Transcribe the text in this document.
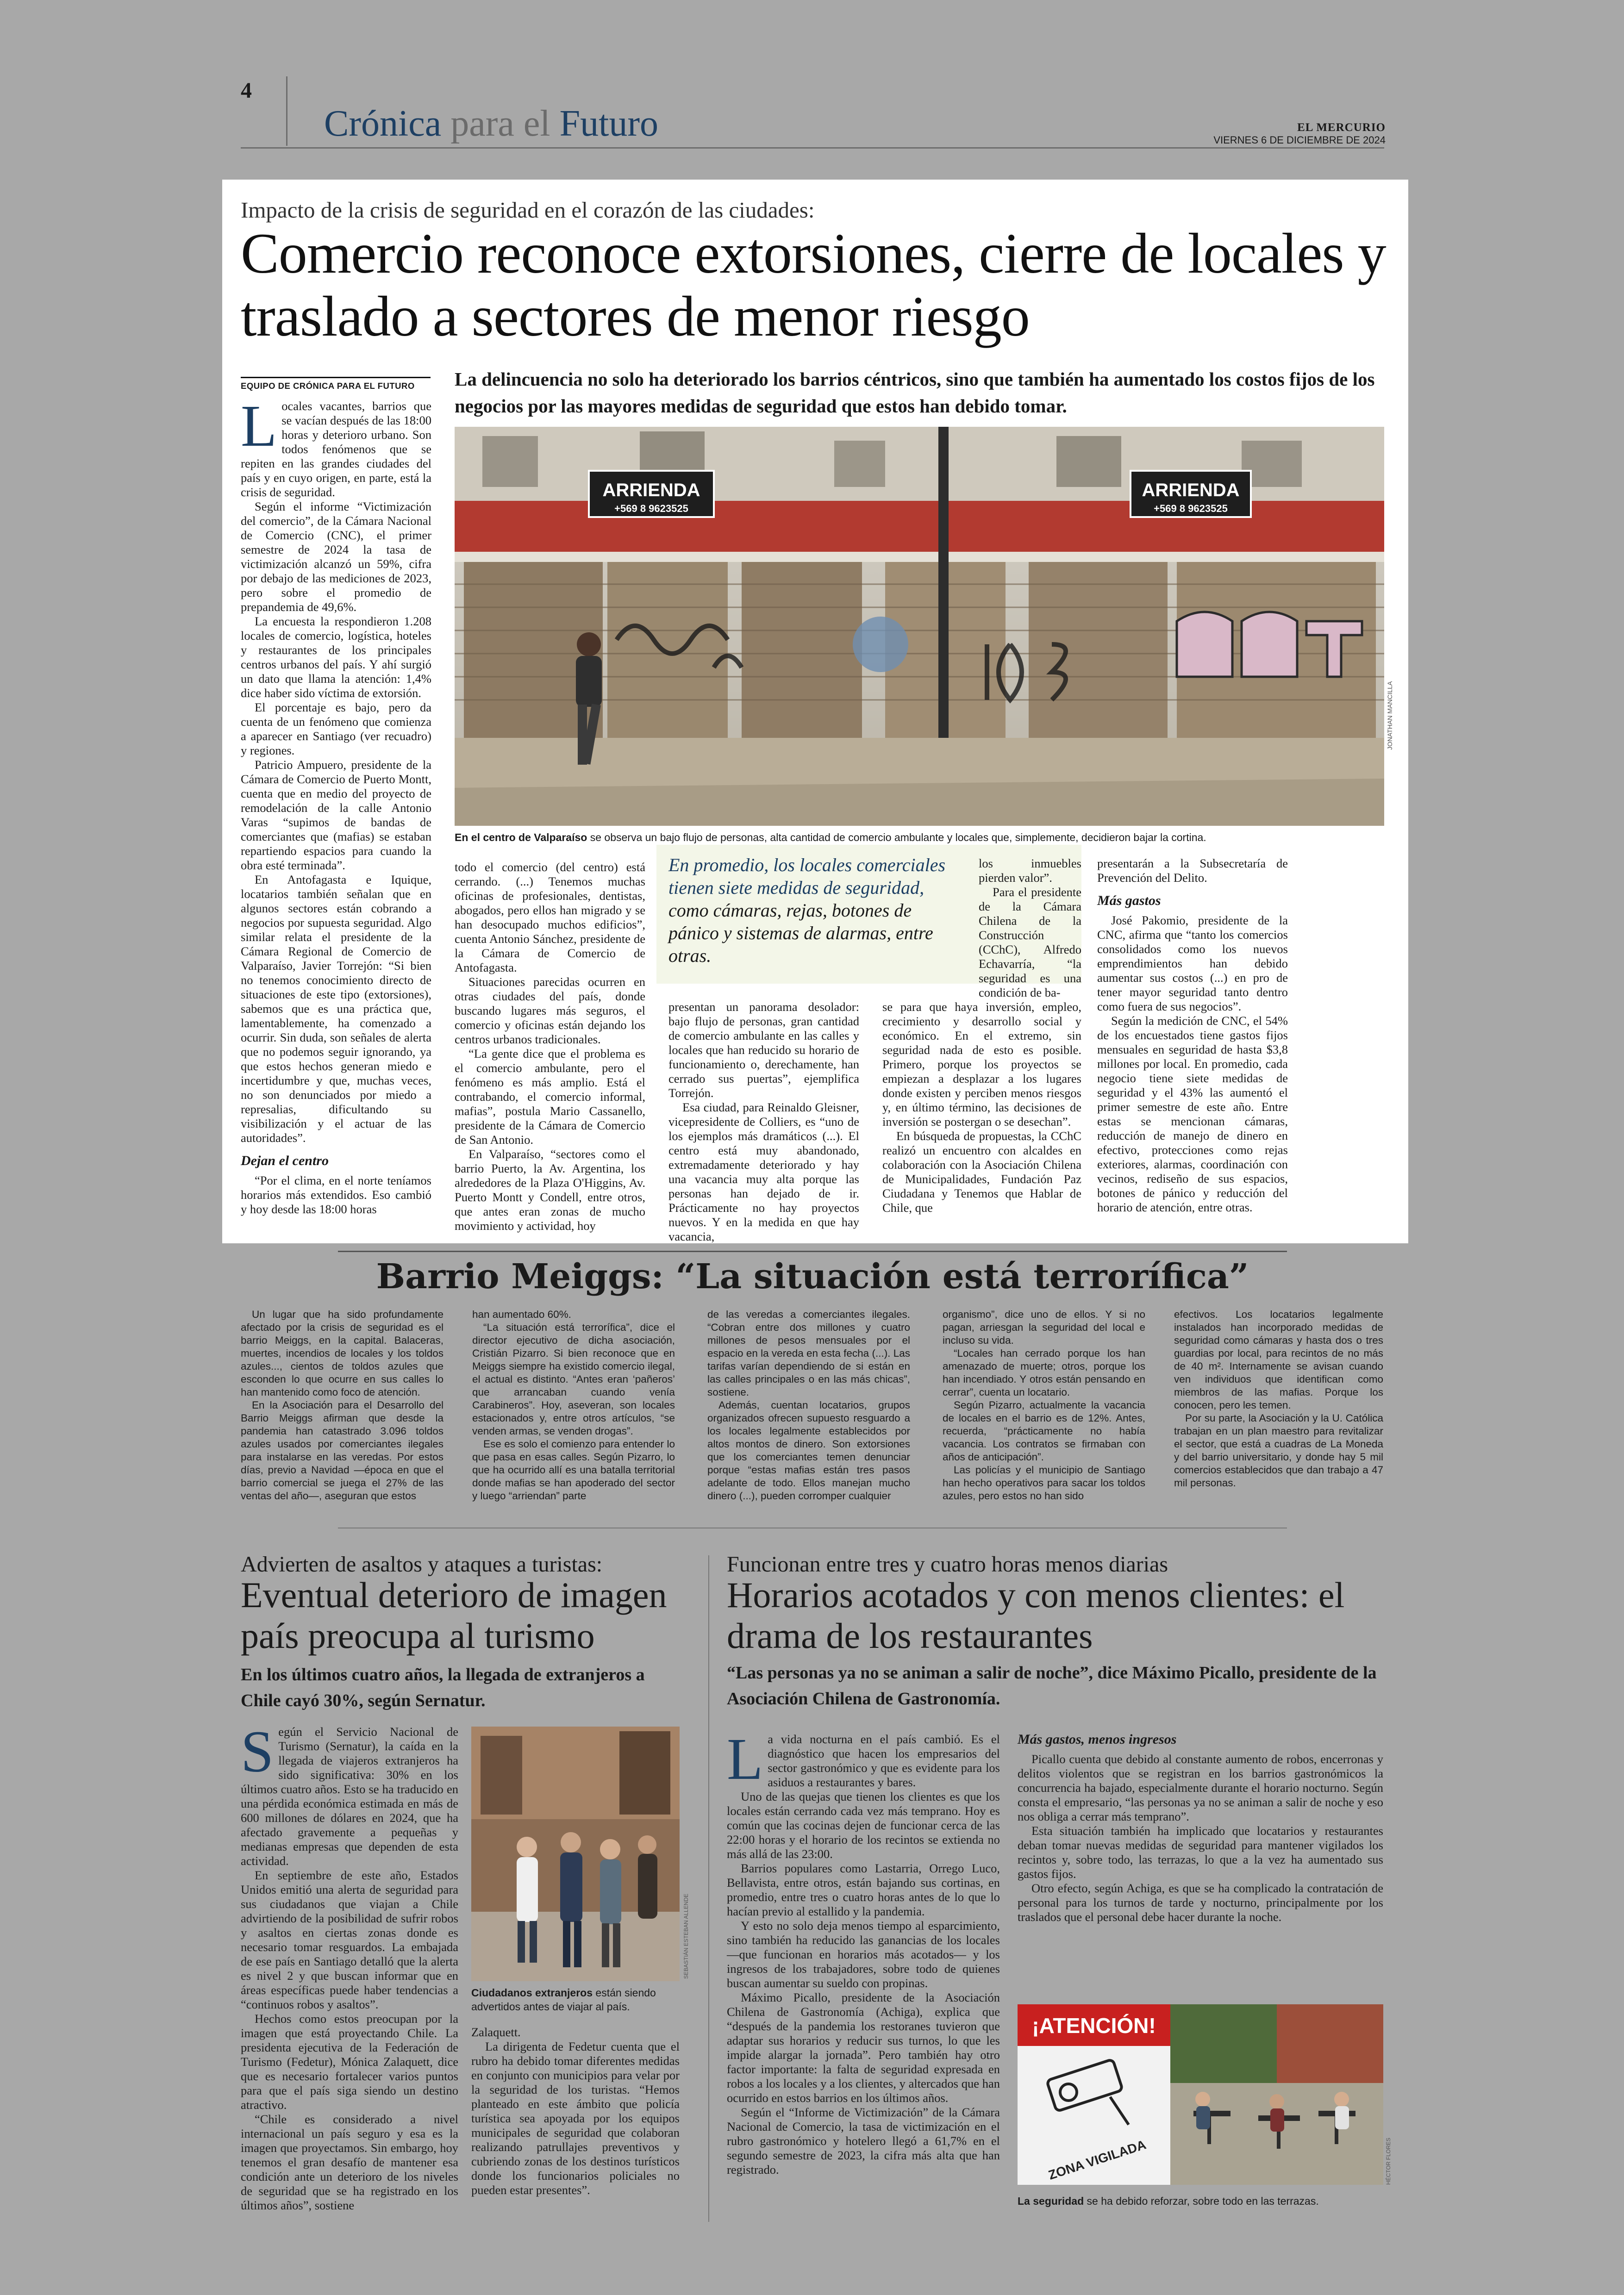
4
Crónica para el Futuro	EL MERCURIO
VIERNES 6 DE DICIEMBRE DE 2024
Impacto de la crisis de seguridad en el corazón de las ciudades:
Comercio reconoce extorsiones, cierre de locales y traslado a sectores de menor riesgo
EQUIPO DE CRÓNICA PARA EL FUTURO	La delincuencia no solo ha deteriorado los barrios céntricos, sino que también ha aumentado los costos fijos de los negocios por las mayores medidas de seguridad que estos han debido tomar.

Locales vacantes, barrios que se vacían después de las 18:00 horas y deterioro urbano. Son todos fenómenos que se repiten en las grandes ciudades del país y en cuyo origen, en parte, está la crisis de seguridad.

Según el informe “Victimización del comercio”, de la Cámara Nacional de Comercio (CNC), el primer semestre de 2024 la tasa de victimización alcanzó un 59%, cifra por debajo de las mediciones de 2023, pero sobre el promedio de prepandemia de 49,6%.

La encuesta la respondieron 1.208 locales de comercio, logística, hoteles y restaurantes de los principales centros urbanos del país. Y ahí surgió un dato que llama la atención: 1,4% dice haber sido víctima de extorsión.

El porcentaje es bajo, pero da cuenta de un fenómeno que comienza a aparecer en Santiago (ver recuadro) y regiones.

Patricio Ampuero, presidente de la Cámara de Comercio de Puerto Montt, cuenta que en medio del proyecto de remodelación de la calle Antonio Varas “supimos de bandas de comerciantes que (mafias) se estaban repartiendo espacios para cuando la obra esté terminada”.

En Antofagasta e Iquique, locatarios también señalan que en algunos sectores están cobrando a negocios por supuesta seguridad. Algo similar relata el presidente de la Cámara Regional de Comercio de Valparaíso, Javier Torrejón: “Si bien no tenemos conocimiento directo de situaciones de este tipo (extorsiones), sabemos que es una práctica que, lamentablemente, ha comenzado a ocurrir. Sin duda, son señales de alerta que no podemos seguir ignorando, ya que estos hechos generan miedo e incertidumbre y que, muchas veces, no son denunciados por miedo a represalias, dificultando su visibilización y el actuar de las autoridades”.

Dejan el centro

“Por el clima, en el norte teníamos horarios más extendidos. Eso cambió y hoy desde las 18:00 horas

ARRIENDA
+569 8 9623525
ARRIENDA
+569 8 9623525
JONATHAN MANCILLA
En el centro de Valparaíso se observa un bajo flujo de personas, alta cantidad de comercio ambulante y locales que, simplemente, decidieron bajar la cortina.

todo el comercio (del centro) está cerrando. (...) Tenemos muchas oficinas de profesionales, dentistas, abogados, pero ellos han migrado y se han desocupado muchos edificios”, cuenta Antonio Sánchez, presidente de la Cámara de Comercio de Antofagasta.

Situaciones parecidas ocurren en otras ciudades del país, donde buscando lugares más seguros, el comercio y oficinas están dejando los centros urbanos tradicionales.

“La gente dice que el problema es el comercio ambulante, pero el fenómeno es más amplio. Está el contrabando, el comercio informal, mafias”, postula Mario Cassanello, presidente de la Cámara de Comercio de San Antonio.

En Valparaíso, “sectores como el barrio Puerto, la Av. Argentina, los alrededores de la Plaza O'Higgins, Av. Puerto Montt y Condell, entre otros, que antes eran zonas de mucho movimiento y actividad, hoy

En promedio, los locales comerciales tienen siete medidas de seguridad, como cámaras, rejas, botones de pánico y sistemas de alarmas, entre otras.

presentan un panorama desolador: bajo flujo de personas, gran cantidad de comercio ambulante en las calles y locales que han reducido su horario de funcionamiento o, derechamente, han cerrado sus puertas”, ejemplifica Torrejón.

Esa ciudad, para Reinaldo Gleisner, vicepresidente de Colliers, es “uno de los ejemplos más dramáticos (...). El centro está muy abandonado, extremadamente deteriorado y hay una vacancia muy alta porque las personas han dejado de ir. Prácticamente no hay proyectos nuevos. Y en la medida en que hay vacancia,

los inmuebles pierden valor”.

Para el presidente de la Cámara Chilena de la Construcción (CChC), Alfredo Echavarría, “la seguridad es una condición de ba-

se para que haya inversión, empleo, crecimiento y desarrollo social y económico. En el extremo, sin seguridad nada de esto es posible. Primero, porque los proyectos se empiezan a desplazar a los lugares donde existen y perciben menos riesgos y, en último término, las decisiones de inversión se postergan o se desechan”.

En búsqueda de propuestas, la CChC realizó un encuentro con alcaldes en colaboración con la Asociación Chilena de Municipalidades, Fundación Paz Ciudadana y Tenemos que Hablar de Chile, que

presentarán a la Subsecretaría de Prevención del Delito.

Más gastos

José Pakomio, presidente de la CNC, afirma que “tanto los comercios consolidados como los nuevos emprendimientos han debido aumentar sus costos (...) en pro de tener mayor seguridad tanto dentro como fuera de sus negocios”.

Según la medición de CNC, el 54% de los encuestados tiene gastos fijos mensuales en seguridad de hasta $3,8 millones por local. En promedio, cada negocio tiene siete medidas de seguridad y el 43% las aumentó el primer semestre de este año. Entre estas se mencionan cámaras, reducción de manejo de dinero en efectivo, protecciones como rejas exteriores, alarmas, coordinación con vecinos, rediseño de sus espacios, botones de pánico y reducción del horario de atención, entre otras.

Barrio Meiggs: “La situación está terrorífica”

Un lugar que ha sido profundamente afectado por la crisis de seguridad es el barrio Meiggs, en la capital. Balaceras, muertes, incendios de locales y los toldos azules..., cientos de toldos azules que esconden lo que ocurre en sus calles lo han mantenido como foco de atención.

En la Asociación para el Desarrollo del Barrio Meiggs afirman que desde la pandemia han catastrado 3.096 toldos azules usados por comerciantes ilegales para instalarse en las veredas. Por estos días, previo a Navidad —época en que el barrio comercial se juega el 27% de las ventas del año—, aseguran que estos

han aumentado 60%.

“La situación está terrorífica”, dice el director ejecutivo de dicha asociación, Cristián Pizarro. Si bien reconoce que en Meiggs siempre ha existido comercio ilegal, el actual es distinto. “Antes eran ‘pañeros’ que arrancaban cuando venía Carabineros”. Hoy, aseveran, son locales estacionados y, entre otros artículos, “se venden armas, se venden drogas”.

Ese es solo el comienzo para entender lo que pasa en esas calles. Según Pizarro, lo que ha ocurrido allí es una batalla territorial donde mafias se han apoderado del sector y luego “arriendan” parte

de las veredas a comerciantes ilegales. “Cobran entre dos millones y cuatro millones de pesos mensuales por el espacio en la vereda en esta fecha (...). Las tarifas varían dependiendo de si están en las calles principales o en las más chicas”, sostiene.

Además, cuentan locatarios, grupos organizados ofrecen supuesto resguardo a los locales legalmente establecidos por altos montos de dinero. Son extorsiones que los comerciantes temen denunciar porque “estas mafias están tres pasos adelante de todo. Ellos manejan mucho dinero (...), pueden corromper cualquier

organismo”, dice uno de ellos. Y si no pagan, arriesgan la seguridad del local e incluso su vida.

“Locales han cerrado porque los han amenazado de muerte; otros, porque los han incendiado. Y otros están pensando en cerrar”, cuenta un locatario.

Según Pizarro, actualmente la vacancia de locales en el barrio es de 12%. Antes, recuerda, “prácticamente no había vacancia. Los contratos se firmaban con años de anticipación”.

Las policías y el municipio de Santiago han hecho operativos para sacar los toldos azules, pero estos no han sido

efectivos. Los locatarios legalmente instalados han incorporado medidas de seguridad como cámaras y hasta dos o tres guardias por local, para recintos de no más de 40 m². Internamente se avisan cuando ven individuos que identifican como miembros de las mafias. Porque los conocen, pero les temen.

Por su parte, la Asociación y la U. Católica trabajan en un plan maestro para revitalizar el sector, que está a cuadras de La Moneda y del barrio universitario, y donde hay 5 mil comercios establecidos que dan trabajo a 47 mil personas.

Advierten de asaltos y ataques a turistas:
Eventual deterioro de imagen país preocupa al turismo
En los últimos cuatro años, la llegada de extranjeros a Chile cayó 30%, según Sernatur.

Según el Servicio Nacional de Turismo (Sernatur), la caída en la llegada de viajeros extranjeros ha sido significativa: 30% en los últimos cuatro años. Esto se ha traducido en una pérdida económica estimada en más de 600 millones de dólares en 2024, que ha afectado gravemente a pequeñas y medianas empresas que dependen de esta actividad.

En septiembre de este año, Estados Unidos emitió una alerta de seguridad para sus ciudadanos que viajan a Chile advirtiendo de la posibilidad de sufrir robos y asaltos en ciertas zonas donde es necesario tomar resguardos. La embajada de ese país en Santiago detalló que la alerta es nivel 2 y que buscan informar que en áreas específicas puede haber tendencias a “continuos robos y asaltos”.

Hechos como estos preocupan por la imagen que está proyectando Chile. La presidenta ejecutiva de la Federación de Turismo (Fedetur), Mónica Zalaquett, dice que es necesario fortalecer varios puntos para que el país siga siendo un destino atractivo.

“Chile es considerado a nivel internacional un país seguro y esa es la imagen que proyectamos. Sin embargo, hoy tenemos el gran desafío de mantener esa condición ante un deterioro de los niveles de seguridad que se ha registrado en los últimos años”, sostiene

SEBASTIÁN ESTEBAN ALLENDE
Ciudadanos extranjeros están siendo advertidos antes de viajar al país.

Zalaquett.

La dirigenta de Fedetur cuenta que el rubro ha debido tomar diferentes medidas en conjunto con municipios para velar por la seguridad de los turistas. “Hemos planteado en este ámbito que policía turística sea apoyada por los equipos municipales de seguridad que colaboran realizando patrullajes preventivos y cubriendo zonas de los destinos turísticos donde los funcionarios policiales no pueden estar presentes”.

Funcionan entre tres y cuatro horas menos diarias
Horarios acotados y con menos clientes: el drama de los restaurantes
“Las personas ya no se animan a salir de noche”, dice Máximo Picallo, presidente de la Asociación Chilena de Gastronomía.

La vida nocturna en el país cambió. Es el diagnóstico que hacen los empresarios del sector gastronómico y que es evidente para los asiduos a restaurantes y bares.

Uno de las quejas que tienen los clientes es que los locales están cerrando cada vez más temprano. Hoy es común que las cocinas dejen de funcionar cerca de las 22:00 horas y el horario de los recintos se extienda no más allá de las 23:00.

Barrios populares como Lastarria, Orrego Luco, Bellavista, entre otros, están bajando sus cortinas, en promedio, entre tres o cuatro horas antes de lo que lo hacían previo al estallido y la pandemia.

Y esto no solo deja menos tiempo al esparcimiento, sino también ha reducido las ganancias de los locales —que funcionan en horarios más acotados— y los ingresos de los trabajadores, sobre todo de quienes buscan aumentar su sueldo con propinas.

Máximo Picallo, presidente de la Asociación Chilena de Gastronomía (Achiga), explica que “después de la pandemia los restoranes tuvieron que adaptar sus horarios y reducir sus turnos, lo que les impide alargar la jornada”. Pero también hay otro factor importante: la falta de seguridad expresada en robos a los locales y a los clientes, y altercados que han ocurrido en estos barrios en los últimos años.

Según el “Informe de Victimización” de la Cámara Nacional de Comercio, la tasa de victimización en el rubro gastronómico y hotelero llegó a 61,7% en el segundo semestre de 2023, la cifra más alta que han registrado.

Más gastos, menos ingresos

Picallo cuenta que debido al constante aumento de robos, encerronas y delitos violentos que se registran en los barrios gastronómicos la concurrencia ha bajado, especialmente durante el horario nocturno. Según consta el empresario, “las personas ya no se animan a salir de noche y eso nos obliga a cerrar más temprano”.

Esta situación también ha implicado que locatarios y restaurantes deban tomar nuevas medidas de seguridad para mantener vigilados los recintos y, sobre todo, las terrazas, lo que a la vez ha aumentado sus gastos fijos.

Otro efecto, según Achiga, es que se ha complicado la contratación de personal para los turnos de tarde y nocturno, principalmente por los traslados que el personal debe hacer durante la noche.

¡ATENCIÓN!
ZONA VIGILADA	HÉCTOR FLORES
La seguridad se ha debido reforzar, sobre todo en las terrazas.
